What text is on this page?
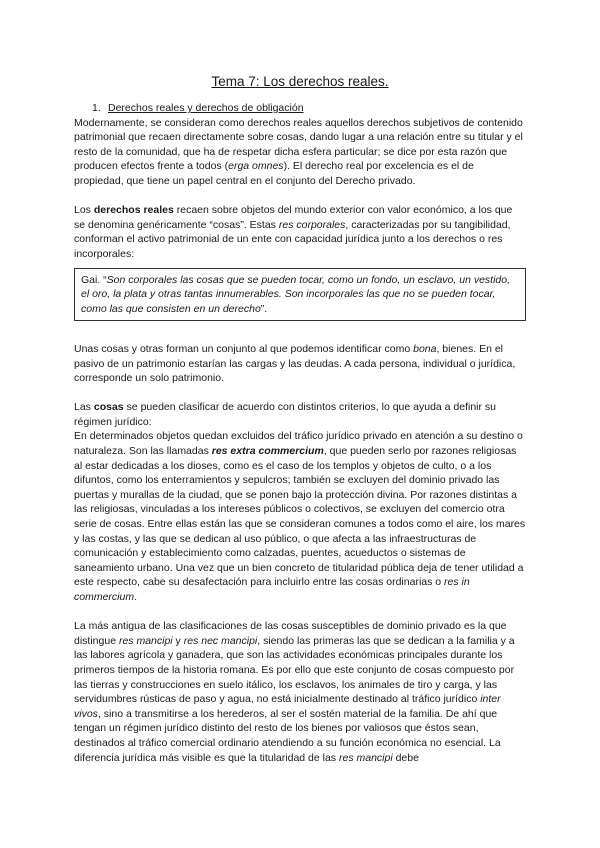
Tema 7: Los derechos reales.
1. Derechos reales y derechos de obligación

Modernamente, se consideran como derechos reales aquellos derechos subjetivos de contenido patrimonial que recaen directamente sobre cosas, dando lugar a una relación entre su titular y el resto de la comunidad, que ha de respetar dicha esfera particular; se dice por esta razón que producen efectos frente a todos (erga omnes). El derecho real por excelencia es el de propiedad, que tiene un papel central en el conjunto del Derecho privado.

Los derechos reales recaen sobre objetos del mundo exterior con valor económico, a los que se denomina genéricamente “cosas”. Estas res corporales, caracterizadas por su tangibilidad, conforman el activo patrimonial de un ente con capacidad jurídica junto a los derechos o res incorporales:

Gai. “Son corporales las cosas que se pueden tocar, como un fondo, un esclavo, un vestido, el oro, la plata y otras tantas innumerables. Son incorporales las que no se pueden tocar, como las que consisten en un derecho”.

Unas cosas y otras forman un conjunto al que podemos identificar como bona, bienes. En el pasivo de un patrimonio estarían las cargas y las deudas. A cada persona, individual o jurídica, corresponde un solo patrimonio.

Las cosas se pueden clasificar de acuerdo con distintos criterios, lo que ayuda a definir su régimen jurídico:

En determinados objetos quedan excluidos del tráfico jurídico privado en atención a su destino o naturaleza. Son las llamadas res extra commercium, que pueden serlo por razones religiosas al estar dedicadas a los dioses, como es el caso de los templos y objetos de culto, o a los difuntos, como los enterramientos y sepulcros; también se excluyen del dominio privado las puertas y murallas de la ciudad, que se ponen bajo la protección divina. Por razones distintas a las religiosas, vinculadas a los intereses públicos o colectivos, se excluyen del comercio otra serie de cosas. Entre ellas están las que se consideran comunes a todos como el aire, los mares y las costas, y las que se dedican al uso público, o que afecta a las infraestructuras de comunicación y establecimiento como calzadas, puentes, acueductos o sistemas de saneamiento urbano. Una vez que un bien concreto de titularidad pública deja de tener utilidad a este respecto, cabe su desafectación para incluirlo entre las cosas ordinarias o res in commercium.

La más antigua de las clasificaciones de las cosas susceptibles de dominio privado es la que distingue res mancipi y res nec mancipi, siendo las primeras las que se dedican a la familia y a las labores agrícola y ganadera, que son las actividades económicas principales durante los primeros tiempos de la historia romana. Es por ello que este conjunto de cosas compuesto por las tierras y construcciones en suelo itálico, los esclavos, los animales de tiro y carga, y las servidumbres rústicas de paso y agua, no está inicialmente destinado al tráfico jurídico inter vivos, sino a transmitirse a los herederos, al ser el sostén material de la familia. De ahí que tengan un régimen jurídico distinto del resto de los bienes por valiosos que éstos sean, destinados al tráfico comercial ordinario atendiendo a su función económica no esencial. La diferencia jurídica más visible es que la titularidad de las res mancipi debe
